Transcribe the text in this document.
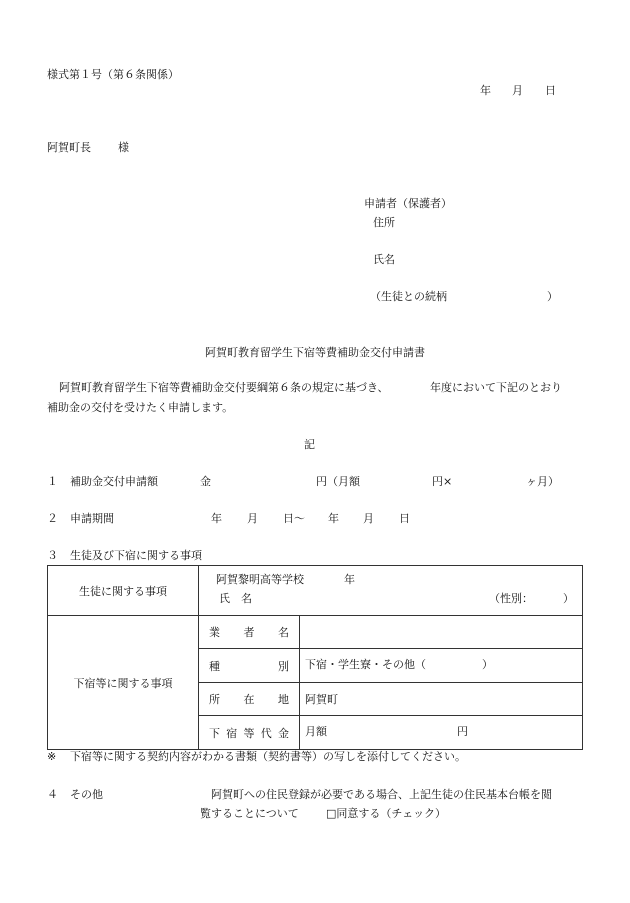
様式第１号（第６条関係）
年 月 日
阿賀町長 様
申請者（保護者）
住所
氏名
（生徒との続柄	）
阿賀町教育留学生下宿等費補助金交付申請書
阿賀町教育留学生下宿等費補助金交付要綱第６条の規定に基づき、	年度において下記のとおり
補助金の交付を受けたく申請します。
記
１ 補助金交付申請額	金	円（月額	円×	ヶ月）
２ 申請期間	年 月 日～ 年 月 日
３ 生徒及び下宿に関する事項
生徒に関する事項	阿賀黎明高等学校 年
氏　名 （性別： ）	

下宿等に関する事項	業 者 名	

	種 別	下宿・学生寮・その他（ ）

	所 在 地	阿賀町

	下 宿 等 代 金	月額 円
※ 下宿等に関する契約内容がわかる書類（契約書等）の写しを添付してください。
４ その他	阿賀町への住民登録が必要である場合、上記生徒の住民基本台帳を閲
覧することについて □同意する（チェック）
